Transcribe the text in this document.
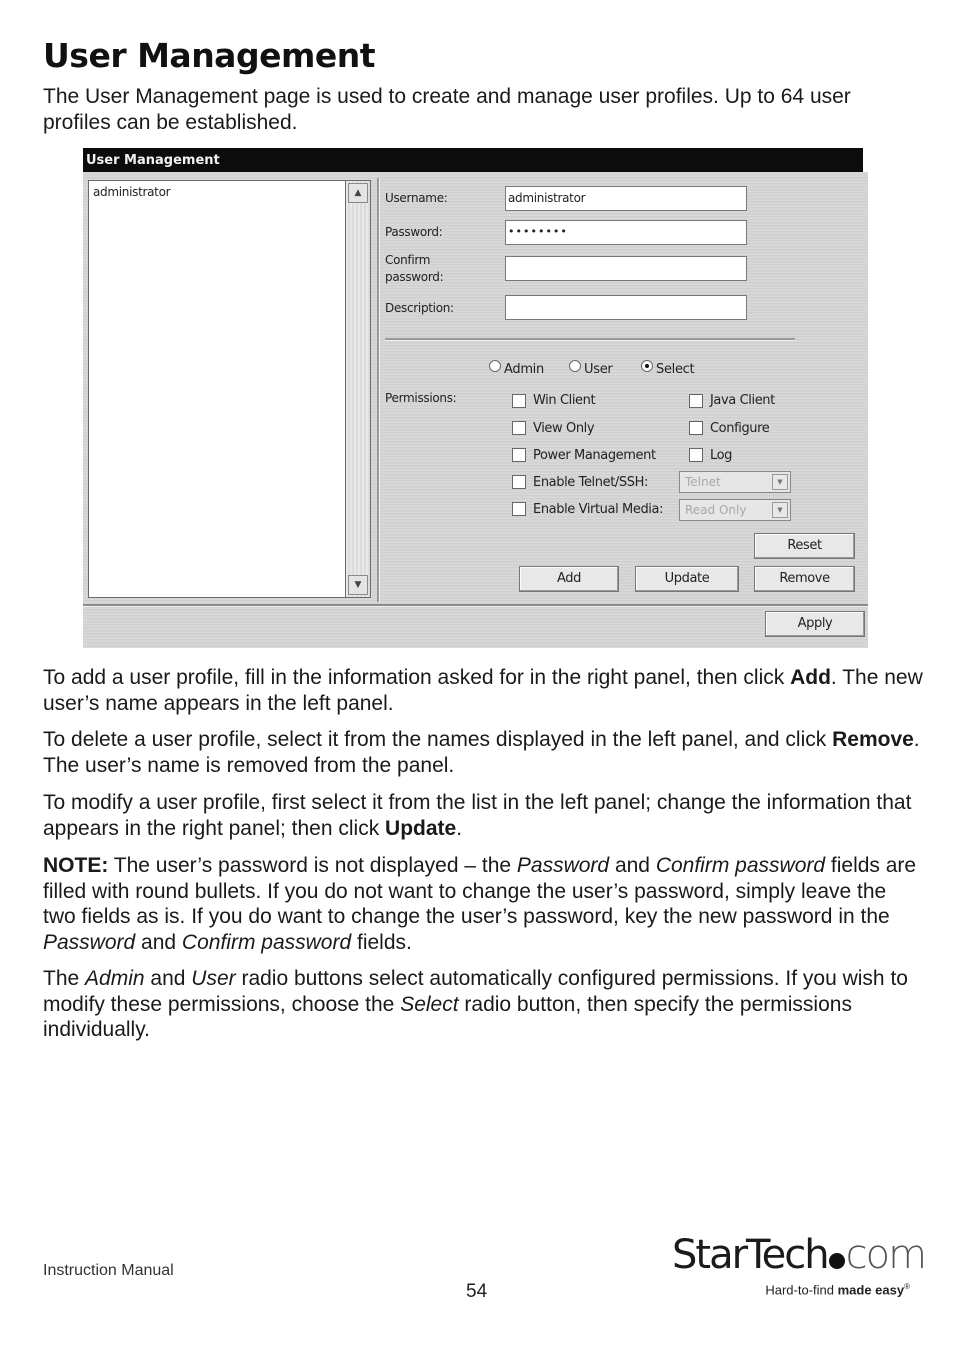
User Management

The User Management page is used to create and manage user profiles. Up to 64 user profiles can be established.

User Management
administrator	▲
▼
Username:	administrator
Password:	••••••••
Confirm
password:
Description:
Permissions:
Admin	User	Select
Win Client	Java Client
View Only	Configure
Power Management	Log
Enable Telnet/SSH:	Telnet	▼
Enable Virtual Media:	Read Only	▼
Reset
Add	Update	Remove
Apply

To add a user profile, fill in the information asked for in the right panel, then click Add. The new user’s name appears in the left panel.

To delete a user profile, select it from the names displayed in the left panel, and click Remove. The user’s name is removed from the panel.

To modify a user profile, first select it from the list in the left panel; change the information that appears in the right panel; then click Update.

NOTE: The user’s password is not displayed – the Password and Confirm password fields are filled with round bullets. If you do not want to change the user’s password, simply leave the two fields as is. If you do want to change the user’s password, key the new password in the Password and Confirm password fields.

The Admin and User radio buttons select automatically configured permissions. If you wish to modify these permissions, choose the Select radio button, then specify the permissions individually.

Instruction Manual
54
StarTech com
Hard-to-find made easy®
